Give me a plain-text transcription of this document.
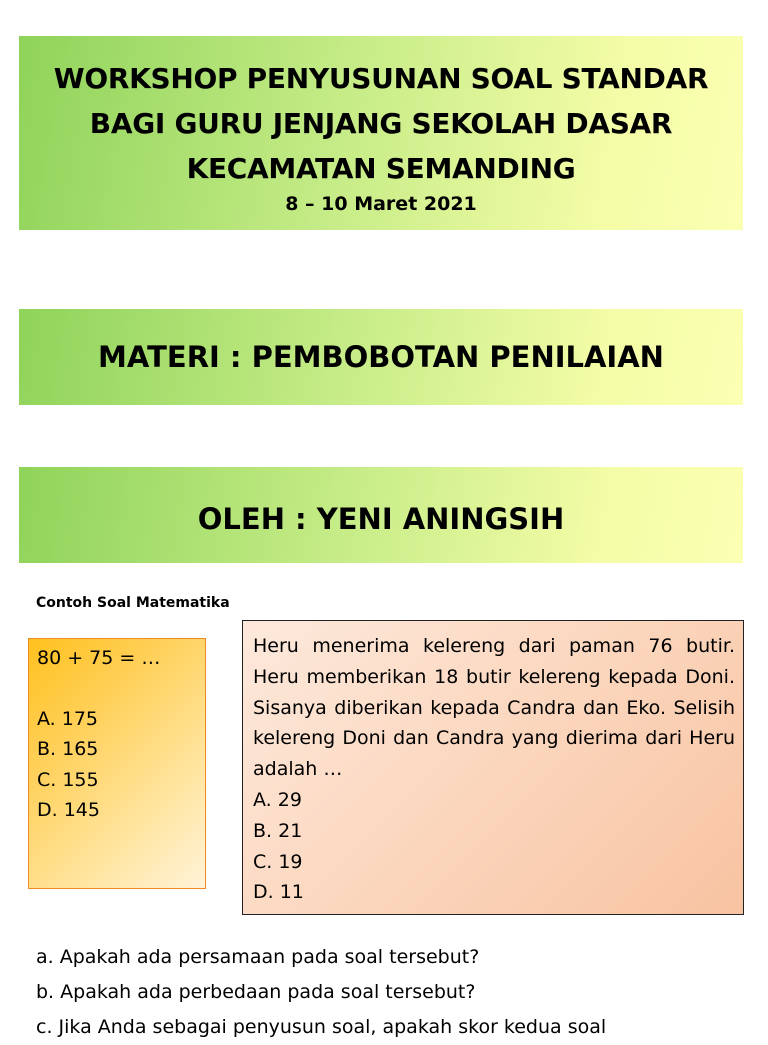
WORKSHOP PENYUSUNAN SOAL STANDAR
BAGI GURU JENJANG SEKOLAH DASAR
KECAMATAN SEMANDING
8 – 10 Maret 2021
MATERI : PEMBOBOTAN PENILAIAN
OLEH : YENI ANINGSIH
Contoh Soal Matematika
80 + 75 = …
A. 175
B. 165
C. 155
D. 145

Heru menerima kelereng dari paman 76 butir. Heru memberikan 18 butir kelereng kepada Doni. Sisanya diberikan kepada Candra dan Eko. Selisih kelereng Doni dan Candra yang dierima dari Heru adalah …

A. 29
B. 21
C. 19
D. 11
a. Apakah ada persamaan pada soal tersebut?
b. Apakah ada perbedaan pada soal tersebut?
c. Jika Anda sebagai penyusun soal, apakah skor kedua soal
